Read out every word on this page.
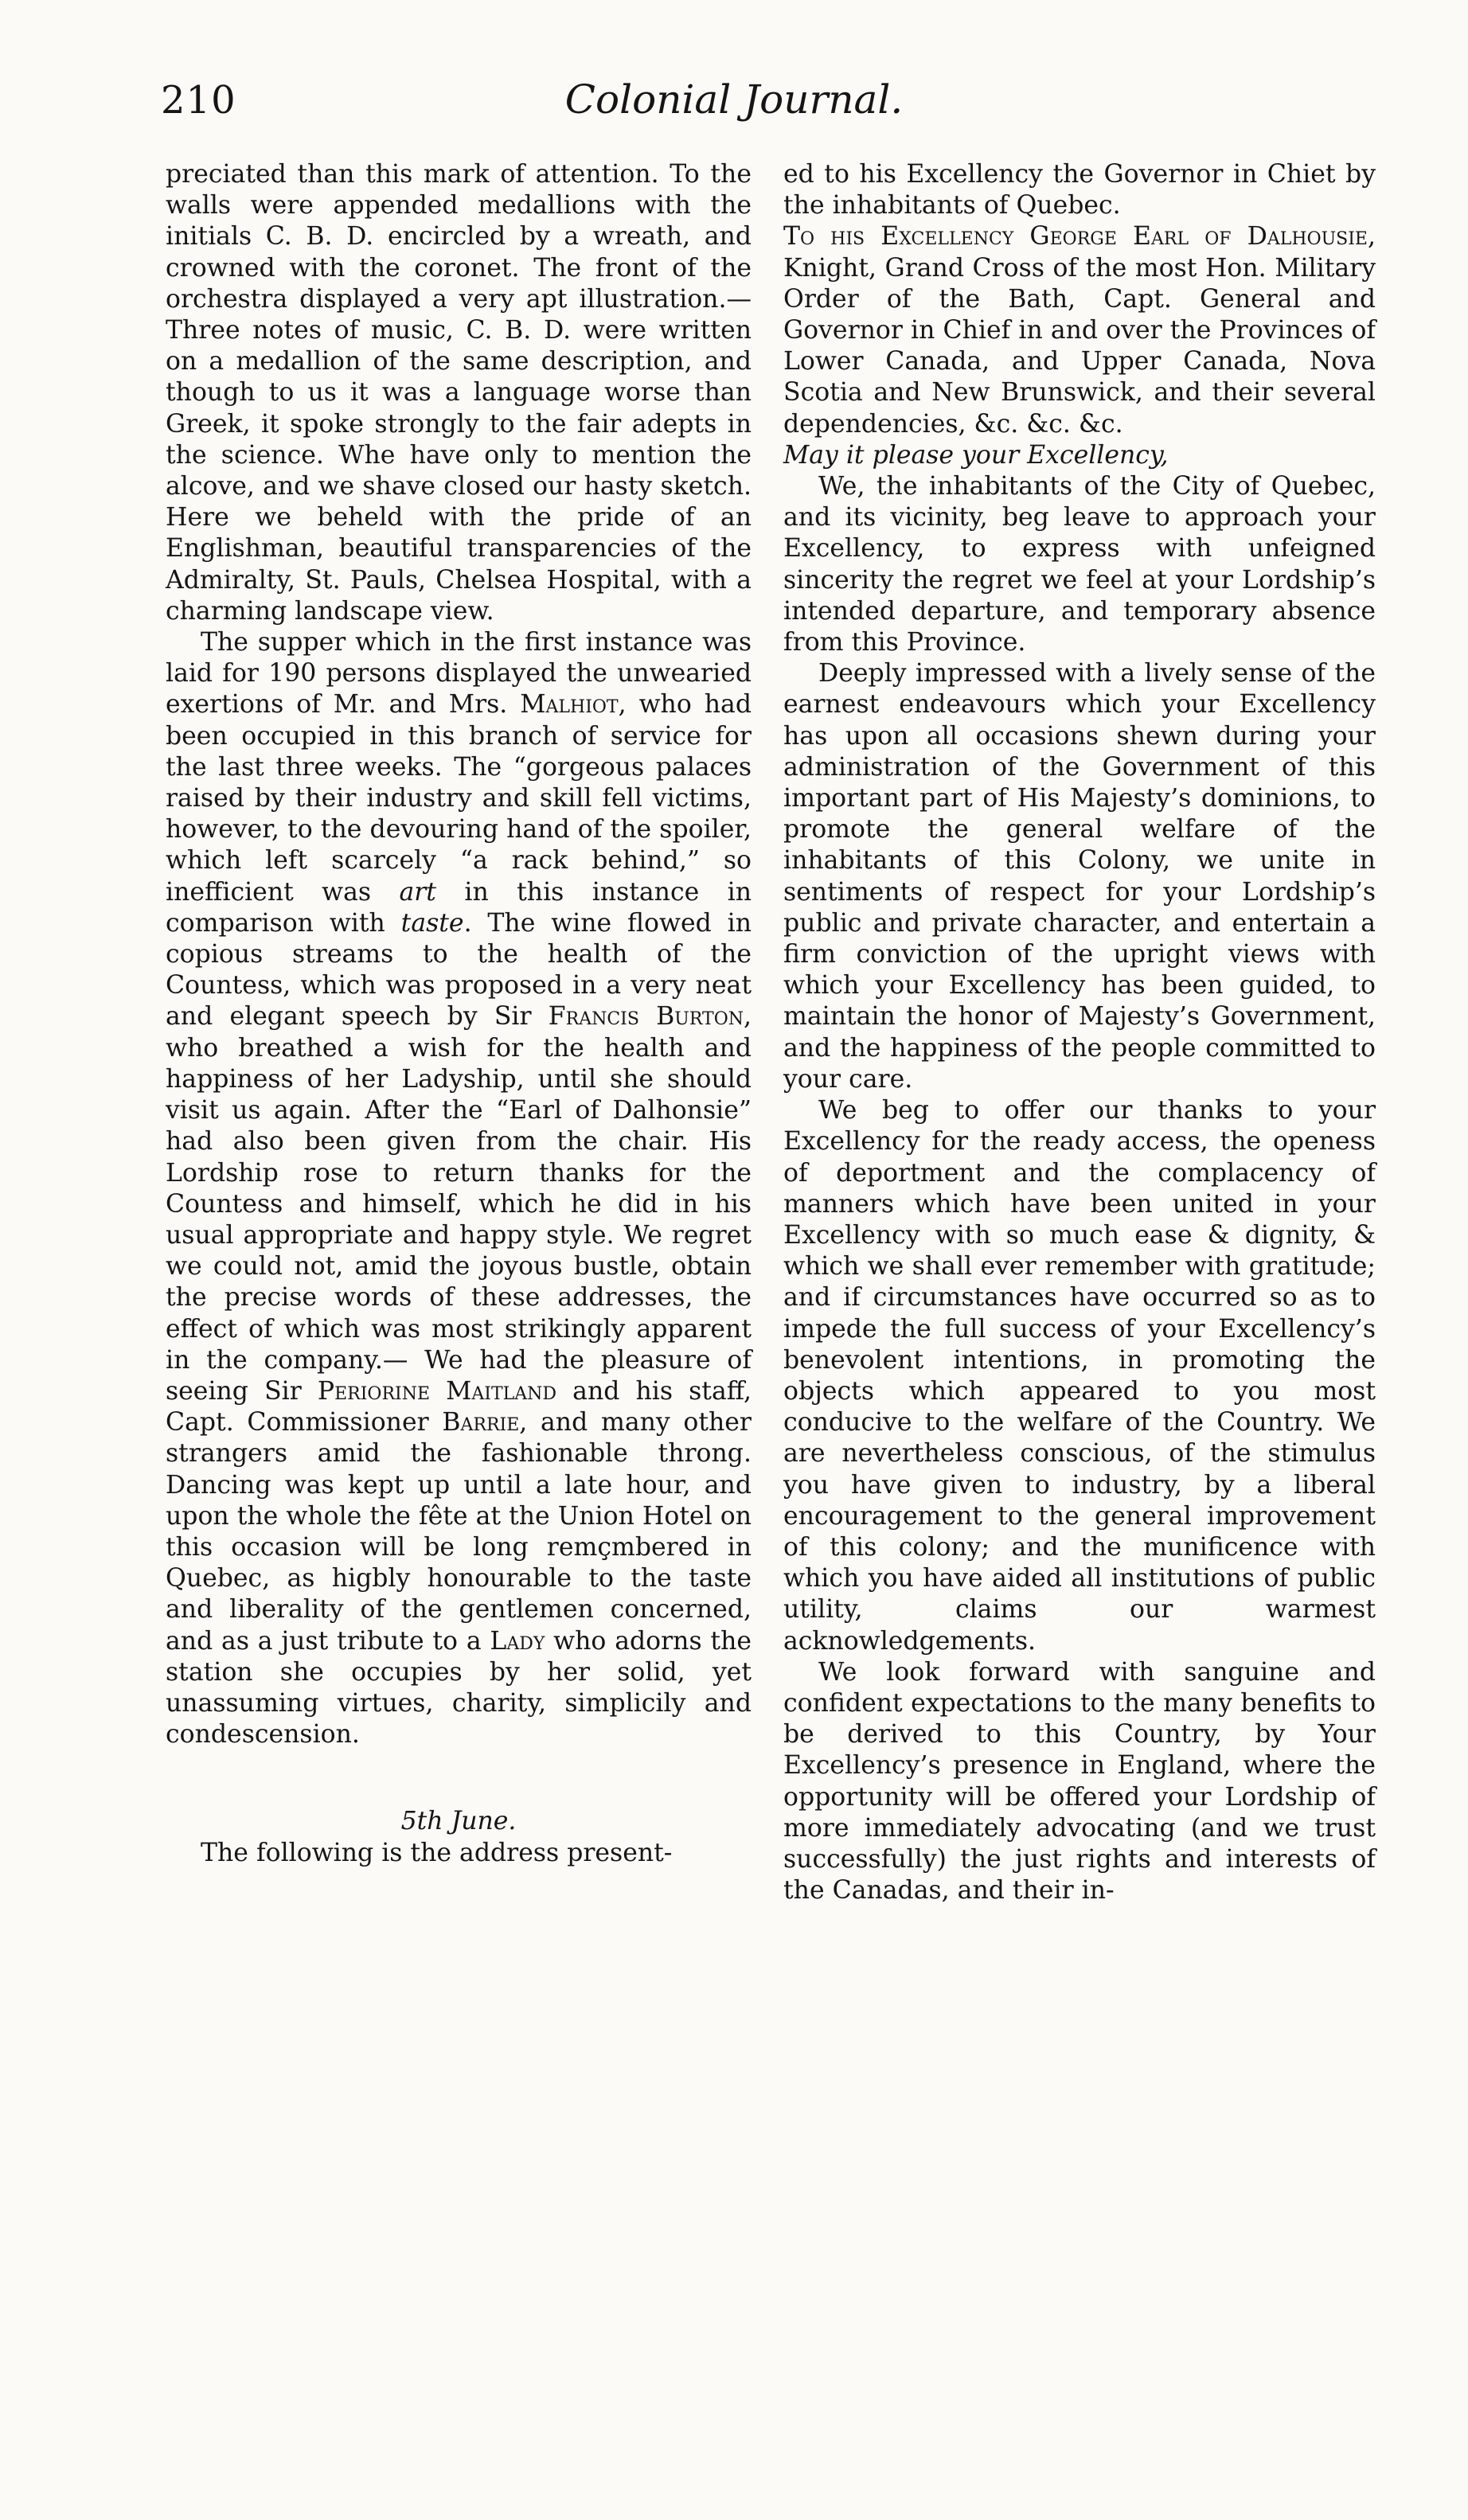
210	Colonial Journal.

preciated than this mark of attention. To the walls were appended medallions with the initials C. B. D. encircled by a wreath, and crowned with the coronet. The front of the orchestra displayed a very apt illustration.— Three notes of music, C. B. D. were written on a medallion of the same description, and though to us it was a language worse than Greek, it spoke strongly to the fair adepts in the science. Whe have only to mention the alcove, and we shave closed our hasty sketch. Here we beheld with the pride of an Englishman, beautiful transparencies of the Admiralty, St. Pauls, Chelsea Hospital, with a charming landscape view.

The supper which in the first instance was laid for 190 persons displayed the unwearied exertions of Mr. and Mrs. Malhiot, who had been occupied in this branch of service for the last three weeks. The “gorgeous palaces raised by their industry and skill fell victims, however, to the devouring hand of the spoiler, which left scarcely “a rack behind,” so inefficient was art in this instance in comparison with taste. The wine flowed in copious streams to the health of the Countess, which was proposed in a very neat and elegant speech by Sir Francis Burton, who breathed a wish for the health and happiness of her Ladyship, until she should visit us again. After the “Earl of Dalhonsie” had also been given from the chair. His Lordship rose to return thanks for the Countess and himself, which he did in his usual appropriate and happy style. We regret we could not, amid the joyous bustle, obtain the precise words of these addresses, the effect of which was most strikingly apparent in the company.— We had the pleasure of seeing Sir Periorine Maitland and his staff, Capt. Commissioner Barrie, and many other strangers amid the fashionable throng. Dancing was kept up until a late hour, and upon the whole the fête at the Union Hotel on this occasion will be long remçmbered in Quebec, as higbly honourable to the taste and liberality of the gentlemen concerned, and as a just tribute to a Lady who adorns the station she occupies by her solid, yet unassuming virtues, charity, simplicily and condescension.

5th June.

The following is the address present-

ed to his Excellency the Governor in Chiet by the inhabitants of Quebec.

To his Excellency George Earl of Dalhousie, Knight, Grand Cross of the most Hon. Military Order of the Bath, Capt. General and Governor in Chief in and over the Provinces of Lower Canada, and Upper Canada, Nova Scotia and New Brunswick, and their several dependencies, &c. &c. &c.

May it please your Excellency,

We, the inhabitants of the City of Quebec, and its vicinity, beg leave to approach your Excellency, to express with unfeigned sincerity the regret we feel at your Lordship’s intended departure, and temporary absence from this Province.

Deeply impressed with a lively sense of the earnest endeavours which your Excellency has upon all occasions shewn during your administration of the Government of this important part of His Majesty’s dominions, to promote the general welfare of the inhabitants of this Colony, we unite in sentiments of respect for your Lordship’s public and private character, and entertain a firm conviction of the upright views with which your Excellency has been guided, to maintain the honor of Majesty’s Government, and the happiness of the people committed to your care.

We beg to offer our thanks to your Excellency for the ready access, the openess of deportment and the complacency of manners which have been united in your Excellency with so much ease & dignity, & which we shall ever remember with gratitude; and if circumstances have occurred so as to impede the full success of your Excellency’s benevolent intentions, in promoting the objects which appeared to you most conducive to the welfare of the Country. We are nevertheless conscious, of the stimulus you have given to industry, by a liberal encouragement to the general improvement of this colony; and the munificence with which you have aided all institutions of public utility, claims our warmest acknowledgements.

We look forward with sanguine and confident expectations to the many benefits to be derived to this Country, by Your Excellency’s presence in England, where the opportunity will be offered your Lordship of more immediately advocating (and we trust successfully) the just rights and interests of the Canadas, and their in-
